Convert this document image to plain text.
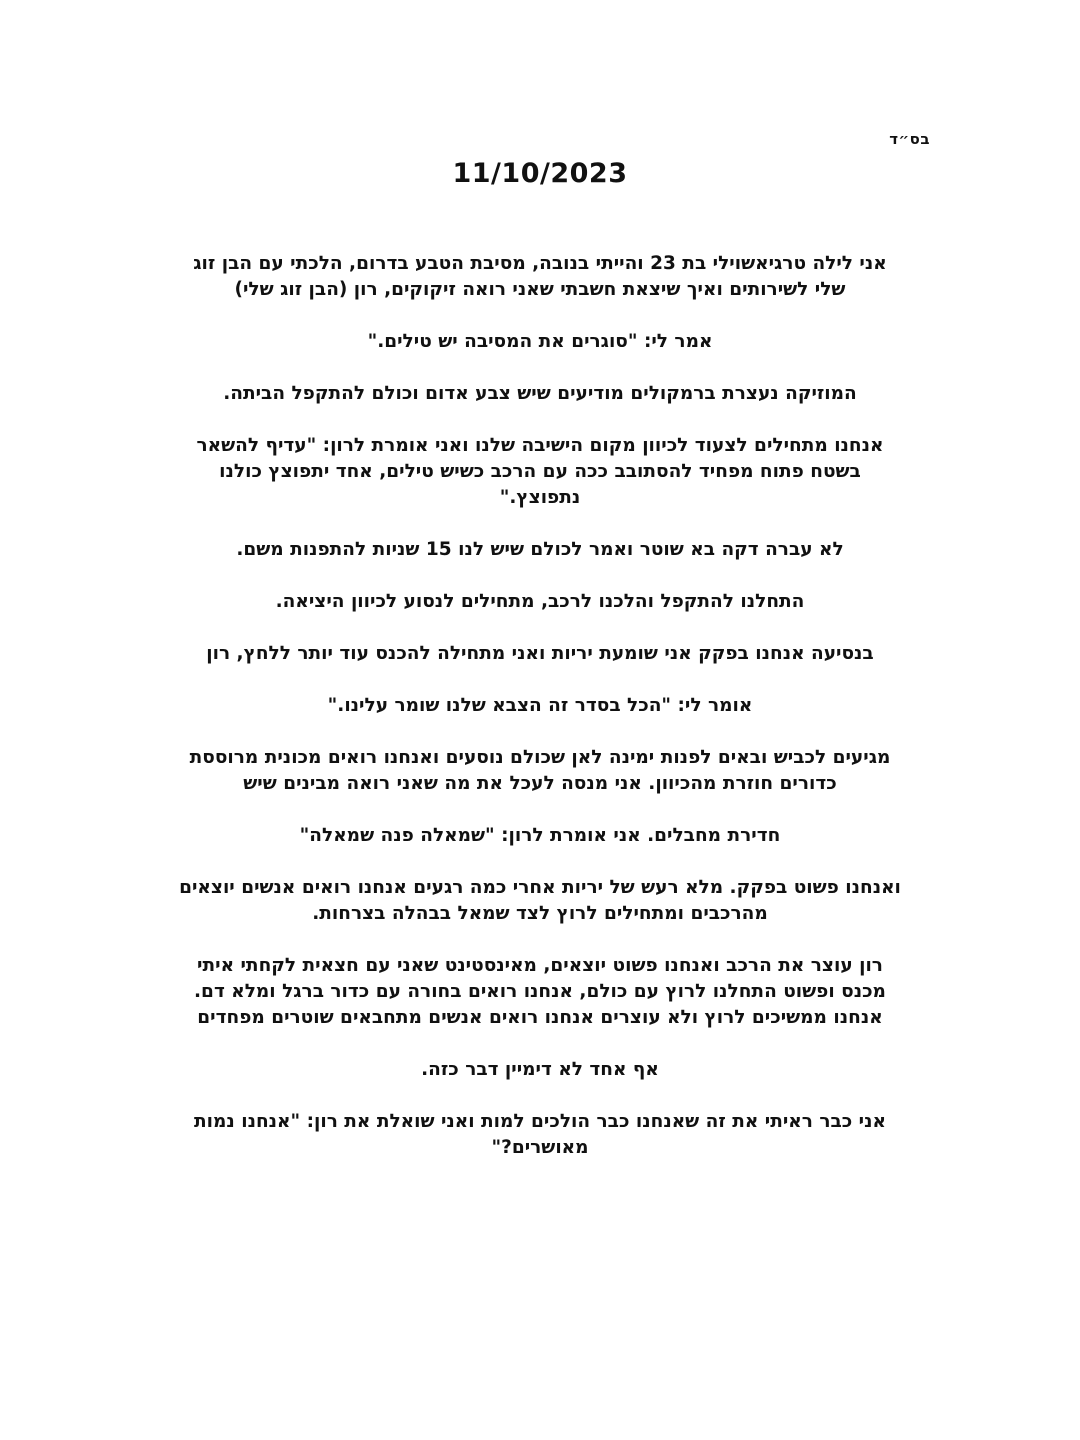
בס״ד
11/10/2023
אני לילה טרגיאשוילי בת 23 והייתי בנובה, מסיבת הטבע בדרום, הלכתי עם הבן זוג
שלי לשירותים ואיך שיצאת חשבתי שאני רואה זיקוקים, רון (הבן זוג שלי)
אמר לי: "סוגרים את המסיבה יש טילים."
המוזיקה נעצרת ברמקולים מודיעים שיש צבע אדום וכולם להתקפל הביתה.
אנחנו מתחילים לצעוד לכיוון מקום הישיבה שלנו ואני אומרת לרון: "עדיף להשאר
בשטח פתוח מפחיד להסתובב ככה עם הרכב כשיש טילים, אחד יתפוצץ כולנו
נתפוצץ."
לא עברה דקה בא שוטר ואמר לכולם שיש לנו 15 שניות להתפנות משם.
התחלנו להתקפל והלכנו לרכב, מתחילים לנסוע לכיוון היציאה.
בנסיעה אנחנו בפקק אני שומעת יריות ואני מתחילה להכנס עוד יותר ללחץ, רון
אומר לי: "הכל בסדר זה הצבא שלנו שומר עלינו."
מגיעים לכביש ובאים לפנות ימינה לאן שכולם נוסעים ואנחנו רואים מכונית מרוססת
כדורים חוזרת מהכיוון. אני מנסה לעכל את מה שאני רואה מבינים שיש
חדירת מחבלים. אני אומרת לרון: "שמאלה פנה שמאלה"
ואנחנו פשוט בפקק. מלא רעש של יריות אחרי כמה רגעים אנחנו רואים אנשים יוצאים
מהרכבים ומתחילים לרוץ לצד שמאל בבהלה בצרחות.
רון עוצר את הרכב ואנחנו פשוט יוצאים, מאינסטינט שאני עם חצאית לקחתי איתי
מכנס ופשוט התחלנו לרוץ עם כולם, אנחנו רואים בחורה עם כדור ברגל ומלא דם.
אנחנו ממשיכים לרוץ ולא עוצרים אנחנו רואים אנשים מתחבאים שוטרים מפחדים
אף אחד לא דימיין דבר כזה.
אני כבר ראיתי את זה שאנחנו כבר הולכים למות ואני שואלת את רון: "אנחנו נמות
מאושרים?"
